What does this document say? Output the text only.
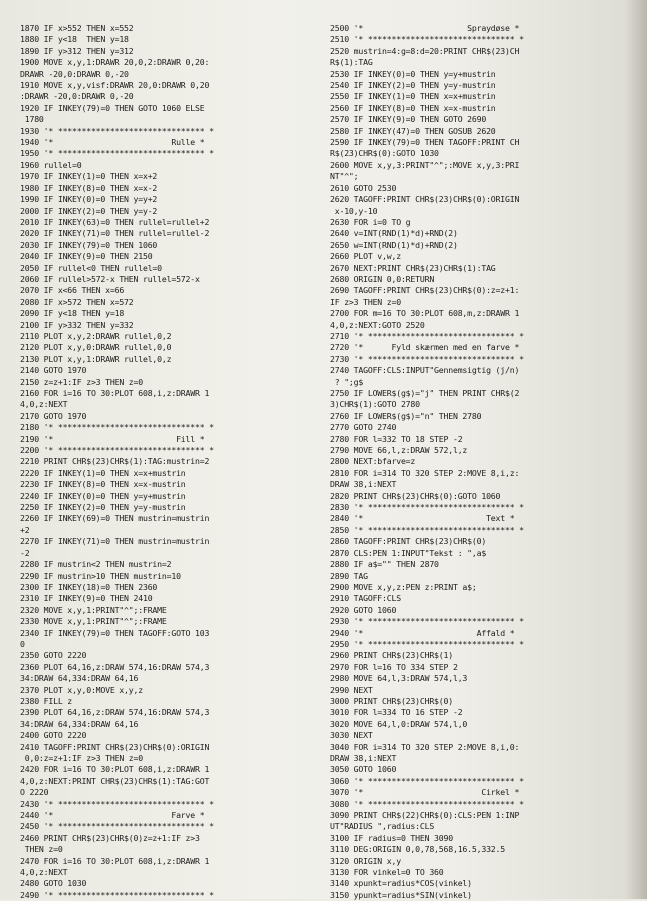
1870 IF x>552 THEN x=552
1880 IF y<18  THEN y=18
1890 IF y>312 THEN y=312
1900 MOVE x,y,1:DRAWR 20,0,2:DRAWR 0,20:
DRAWR -20,0:DRAWR 0,-20
1910 MOVE x,y,visf:DRAWR 20,0:DRAWR 0,20
:DRAWR -20,0:DRAWR 0,-20
1920 IF INKEY(79)=0 THEN GOTO 1060 ELSE
1780
1930 '* ******************************* *
1940 '*                         Rulle *
1950 '* ******************************* *
1960 rullel=0
1970 IF INKEY(1)=0 THEN x=x+2
1980 IF INKEY(8)=0 THEN x=x-2
1990 IF INKEY(0)=0 THEN y=y+2
2000 IF INKEY(2)=0 THEN y=y-2
2010 IF INKEY(63)=0 THEN rullel=rullel+2
2020 IF INKEY(71)=0 THEN rullel=rullel-2
2030 IF INKEY(79)=0 THEN 1060
2040 IF INKEY(9)=0 THEN 2150
2050 IF rullel<0 THEN rullel=0
2060 IF rullel>572-x THEN rullel=572-x
2070 IF x<66 THEN x=66
2080 IF x>572 THEN x=572
2090 IF y<18 THEN y=18
2100 IF y>332 THEN y=332
2110 PLOT x,y,2:DRAWR rullel,0,2
2120 PLOT x,y,0:DRAWR rullel,0,0
2130 PLOT x,y,1:DRAWR rullel,0,z
2140 GOTO 1970
2150 z=z+1:IF z>3 THEN z=0
2160 FOR i=16 TO 30:PLOT 608,i,z:DRAWR 1
4,0,z:NEXT
2170 GOTO 1970
2180 '* ******************************* *
2190 '*                          Fill *
2200 '* ******************************* *
2210 PRINT CHR$(23)CHR$(1):TAG:mustrin=2
2220 IF INKEY(1)=0 THEN x=x+mustrin
2230 IF INKEY(8)=0 THEN x=x-mustrin
2240 IF INKEY(0)=0 THEN y=y+mustrin
2250 IF INKEY(2)=0 THEN y=y-mustrin
2260 IF INKEY(69)=0 THEN mustrin=mustrin
+2
2270 IF INKEY(71)=0 THEN mustrin=mustrin
-2
2280 IF mustrin<2 THEN mustrin=2
2290 IF mustrin>10 THEN mustrin=10
2300 IF INKEY(18)=0 THEN 2360
2310 IF INKEY(9)=0 THEN 2410
2320 MOVE x,y,1:PRINT"^";:FRAME
2330 MOVE x,y,1:PRINT"^";:FRAME
2340 IF INKEY(79)=0 THEN TAGOFF:GOTO 103
0
2350 GOTO 2220
2360 PLOT 64,16,z:DRAW 574,16:DRAW 574,3
34:DRAW 64,334:DRAW 64,16
2370 PLOT x,y,0:MOVE x,y,z
2380 FILL z
2390 PLOT 64,16,z:DRAW 574,16:DRAW 574,3
34:DRAW 64,334:DRAW 64,16
2400 GOTO 2220
2410 TAGOFF:PRINT CHR$(23)CHR$(0):ORIGIN
0,0:z=z+1:IF z>3 THEN z=0
2420 FOR i=16 TO 30:PLOT 608,i,z:DRAWR 1
4,0,z:NEXT:PRINT CHR$(23)CHR$(1):TAG:GOT
O 2220
2430 '* ******************************* *
2440 '*                         Farve *
2450 '* ******************************* *
2460 PRINT CHR$(23)CHR$(0)z=z+1:IF z>3
THEN z=0
2470 FOR i=16 TO 30:PLOT 608,i,z:DRAWR 1
4,0,z:NEXT
2480 GOTO 1030
2490 '* ******************************* *
2500 '*                      Spraydøse *
2510 '* ******************************* *
2520 mustrin=4:g=8:d=20:PRINT CHR$(23)CH
R$(1):TAG
2530 IF INKEY(0)=0 THEN y=y+mustrin
2540 IF INKEY(2)=0 THEN y=y-mustrin
2550 IF INKEY(1)=0 THEN x=x+mustrin
2560 IF INKEY(8)=0 THEN x=x-mustrin
2570 IF INKEY(9)=0 THEN GOTO 2690
2580 IF INKEY(47)=0 THEN GOSUB 2620
2590 IF INKEY(79)=0 THEN TAGOFF:PRINT CH
R$(23)CHR$(0):GOTO 1030
2600 MOVE x,y,3:PRINT"^";:MOVE x,y,3:PRI
NT"^";
2610 GOTO 2530
2620 TAGOFF:PRINT CHR$(23)CHR$(0):ORIGIN
x-10,y-10
2630 FOR i=0 TO g
2640 v=INT(RND(1)*d)+RND(2)
2650 w=INT(RND(1)*d)+RND(2)
2660 PLOT v,w,z
2670 NEXT:PRINT CHR$(23)CHR$(1):TAG
2680 ORIGIN 0,0:RETURN
2690 TAGOFF:PRINT CHR$(23)CHR$(0):z=z+1:
IF z>3 THEN z=0
2700 FOR m=16 TO 30:PLOT 608,m,z:DRAWR 1
4,0,z:NEXT:GOTO 2520
2710 '* ******************************* *
2720 '*      Fyld skærmen med en farve *
2730 '* ******************************* *
2740 TAGOFF:CLS:INPUT"Gennemsigtig (j/n)
? ";g$
2750 IF LOWER$(g$)="j" THEN PRINT CHR$(2
3)CHR$(1):GOTO 2780
2760 IF LOWER$(g$)="n" THEN 2780
2770 GOTO 2740
2780 FOR l=332 TO 18 STEP -2
2790 MOVE 66,l,z:DRAW 572,l,z
2800 NEXT:bfarve=z
2810 FOR i=314 TO 320 STEP 2:MOVE 8,i,z:
DRAW 38,i:NEXT
2820 PRINT CHR$(23)CHR$(0):GOTO 1060
2830 '* ******************************* *
2840 '*                          Text *
2850 '* ******************************* *
2860 TAGOFF:PRINT CHR$(23)CHR$(0)
2870 CLS:PEN 1:INPUT"Tekst : ",a$
2880 IF a$="" THEN 2870
2890 TAG
2900 MOVE x,y,z:PEN z:PRINT a$;
2910 TAGOFF:CLS
2920 GOTO 1060
2930 '* ******************************* *
2940 '*                        Affald *
2950 '* ******************************* *
2960 PRINT CHR$(23)CHR$(1)
2970 FOR l=16 TO 334 STEP 2
2980 MOVE 64,l,3:DRAW 574,l,3
2990 NEXT
3000 PRINT CHR$(23)CHR$(0)
3010 FOR l=334 TO 16 STEP -2
3020 MOVE 64,l,0:DRAW 574,l,0
3030 NEXT
3040 FOR i=314 TO 320 STEP 2:MOVE 8,i,0:
DRAW 38,i:NEXT
3050 GOTO 1060
3060 '* ******************************* *
3070 '*                         Cirkel *
3080 '* ******************************* *
3090 PRINT CHR$(22)CHR$(0):CLS:PEN 1:INP
UT"RADIUS ",radius:CLS
3100 IF radius=0 THEN 3090
3110 DEG:ORIGIN 0,0,78,568,16.5,332.5
3120 ORIGIN x,y
3130 FOR vinkel=0 TO 360
3140 xpunkt=radius*COS(vinkel)
3150 ypunkt=radius*SIN(vinkel)
